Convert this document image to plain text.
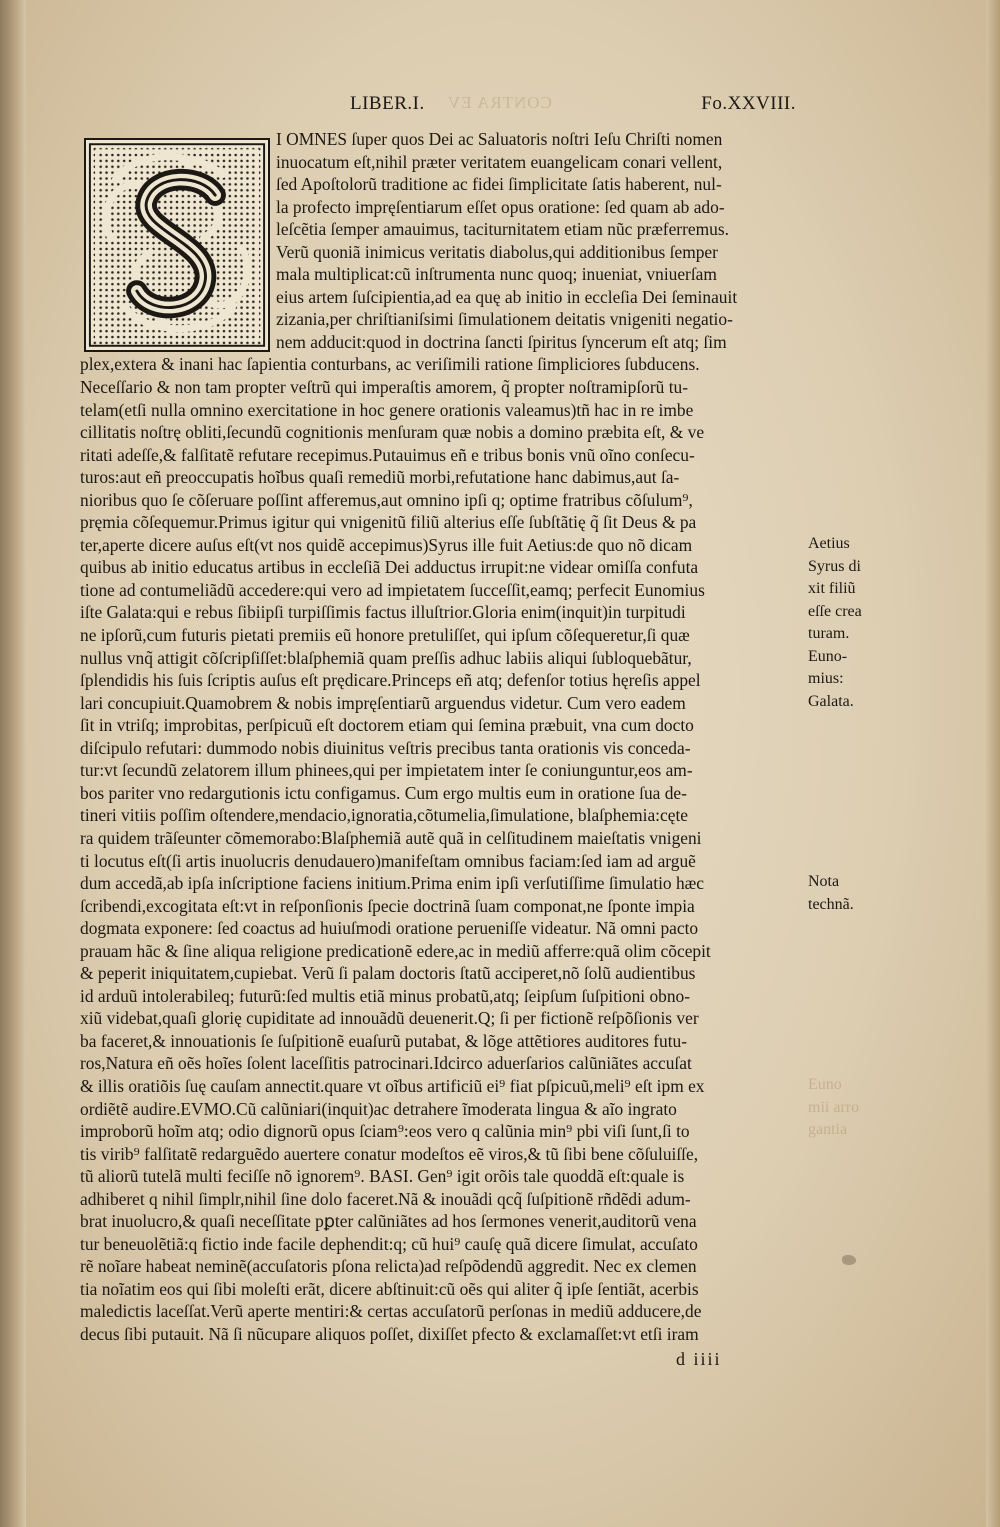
CONTRA EV
LIBER.I.	Fo.XXVIII.
I OMNES ſuper quos Dei ac Saluatoris noſtri Ieſu Chriſti nomen
inuocatum eſt,nihil præter veritatem euangelicam conari vellent,
ſed Apoſtolorũ traditione ac fidei ſimplicitate ſatis haberent, nul-
la profecto impręſentiarum eſſet opus oratione: ſed quam ab ado-
leſcẽtia ſemper amauimus, taciturnitatem etiam nũc præferremus.
Verũ quoniã inimicus veritatis diabolus,qui additionibus ſemper
mala multiplicat:cũ inſtrumenta nunc quoq; inueniat, vniuerſam
eius artem ſuſcipientia,ad ea quę ab initio in eccleſia Dei ſeminauit
zizania,per chriſtianiſsimi ſimulationem deitatis vnigeniti negatio-
nem adducit:quod in doctrina ſancti ſpiritus ſyncerum eſt atq; ſim
plex,extera & inani hac ſapientia conturbans, ac veriſimili ratione ſimpliciores ſubducens.
Neceſſario & non tam propter veſtrũ qui imperaſtis amorem, q̃ propter noſtramipſorũ tu-
telam(etſi nulla omnino exercitatione in hoc genere orationis valeamus)tñ hac in re imbe
cillitatis noſtrę obliti,ſecundũ cognitionis menſuram quæ nobis a domino præbita eſt, & ve
ritati adeſſe,& falſitatẽ refutare recepimus.Putauimus eñ e tribus bonis vnũ oĩno conſecu-
turos:aut eñ preoccupatis hoĩbus quaſi remediũ morbi,refutatione hanc dabimus,aut ſa-
nioribus quo ſe cõſeruare poſſint afferemus,aut omnino ipſi q; optime fratribus cõſulum⁹,
pręmia cõſequemur.Primus igitur qui vnigenitũ filiũ alterius eſſe ſubſtãtię q̃ ſit Deus & pa
ter,aperte dicere auſus eſt(vt nos quidẽ accepimus)Syrus ille fuit Aetius:de quo nõ dicam
quibus ab initio educatus artibus in eccleſiã Dei adductus irrupit:ne videar omiſſa confuta
tione ad contumeliãdũ accedere:qui vero ad impietatem ſucceſſit,eamq; perfecit Eunomius
iſte Galata:qui e rebus ſibiipſi turpiſſimis factus illuſtrior.Gloria enim(inquit)in turpitudi
ne ipſorũ,cum futuris pietati premiis eũ honore pretuliſſet, qui ipſum cõſequeretur,ſi quæ
nullus vnq̃ attigit cõſcripſiſſet:blaſphemiã quam preſſis adhuc labiis aliqui ſubloquebãtur,
ſplendidis his ſuis ſcriptis auſus eſt prędicare.Princeps eñ atq; defenſor totius hęreſis appel
lari concupiuit.Quamobrem & nobis impręſentiarũ arguendus videtur. Cum vero eadem
ſit in vtriſq; improbitas, perſpicuũ eſt doctorem etiam qui ſemina præbuit, vna cum docto
diſcipulo refutari: dummodo nobis diuinitus veſtris precibus tanta orationis vis conceda-
tur:vt ſecundũ zelatorem illum phinees,qui per impietatem inter ſe coniunguntur,eos am-
bos pariter vno redargutionis ictu configamus. Cum ergo multis eum in oratione ſua de-
tineri vitiis poſſim oſtendere,mendacio,ignoratia,cõtumelia,ſimulatione, blaſphemia:cęte
ra quidem trãſeunter cõmemorabo:Blaſphemiã autẽ quã in celſitudinem maieſtatis vnigeni
ti locutus eſt(ſi artis inuolucris denudauero)manifeſtam omnibus faciam:ſed iam ad arguẽ
dum accedã,ab ipſa inſcriptione faciens initium.Prima enim ipſi verſutiſſime ſimulatio hæc
ſcribendi,excogitata eſt:vt in reſponſionis ſpecie doctrinã ſuam componat,ne ſponte impia
dogmata exponere: ſed coactus ad huiuſmodi oratione perueniſſe videatur. Nã omni pacto
prauam hãc & ſine aliqua religione predicationẽ edere,ac in mediũ afferre:quã olim cõcepit
& peperit iniquitatem,cupiebat. Verũ ſi palam doctoris ſtatũ acciperet,nõ ſolũ audientibus
id arduũ intolerabileq; futurũ:ſed multis etiã minus probatũ,atq; ſeipſum ſuſpitioni obno-
xiũ videbat,quaſi glorię cupiditate ad innouãdũ deuenerit.Q; ſi per fictionẽ reſpõſionis ver
ba faceret,& innouationis ſe ſuſpitionẽ euaſurũ putabat, & lõge attẽtiores auditores futu-
ros,Natura eñ oẽs hoĩes ſolent laceſſitis patrocinari.Idcirco aduerſarios calũniãtes accuſat
& illis oratiõis ſuę cauſam annectit.quare vt oĩbus artificiũ ei⁹ fiat pſpicuũ,meli⁹ eſt ipm ex
ordiẽtẽ audire.EVMO.Cũ calũniari(inquit)ac detrahere ĩmoderata lingua & aĩo ingrato
improborũ hoĩm atq; odio dignorũ opus ſciam⁹:eos vero q calũnia min⁹ pbi viſi ſunt,ſi to
tis virib⁹ falſitatẽ redarguẽdo auertere conatur modeſtos eẽ viros,& tũ ſibi bene cõſuluiſſe,
tũ aliorũ tutelã multi feciſſe nõ ignorem⁹. BASI. Gen⁹ igit orõis tale quoddã eſt:quale is
adhiberet q nihil ſimplr,nihil ſine dolo faceret.Nã & inouãdi qcq̃ ſuſpitionẽ rñdẽdi adum-
brat inuolucro,& quaſi neceſſitate pꝑter calũniãtes ad hos ſermones venerit,auditorũ vena
tur beneuolẽtiã:q fictio inde facile dephendit:q; cũ hui⁹ cauſę quã dicere ſimulat, accuſato
rẽ noĩare habeat neminẽ(accuſatoris pſona relicta)ad reſpõdendũ aggredit. Nec ex clemen
tia noĩatim eos qui ſibi moleſti erãt, dicere abſtinuit:cũ oẽs qui aliter q̃ ipſe ſentiãt, acerbis
maledictis laceſſat.Verũ aperte mentiri:& certas accuſatorũ perſonas in mediũ adducere,de
decus ſibi putauit. Nã ſi nũcupare aliquos poſſet, dixiſſet pfecto & exclamaſſet:vt etſi iram
Aetius
Syrus di
xit filiũ
eſſe crea
turam.
Euno-
mius:
Galata.
Nota
technã.
Euno
mii arro
gantia
d iiii
